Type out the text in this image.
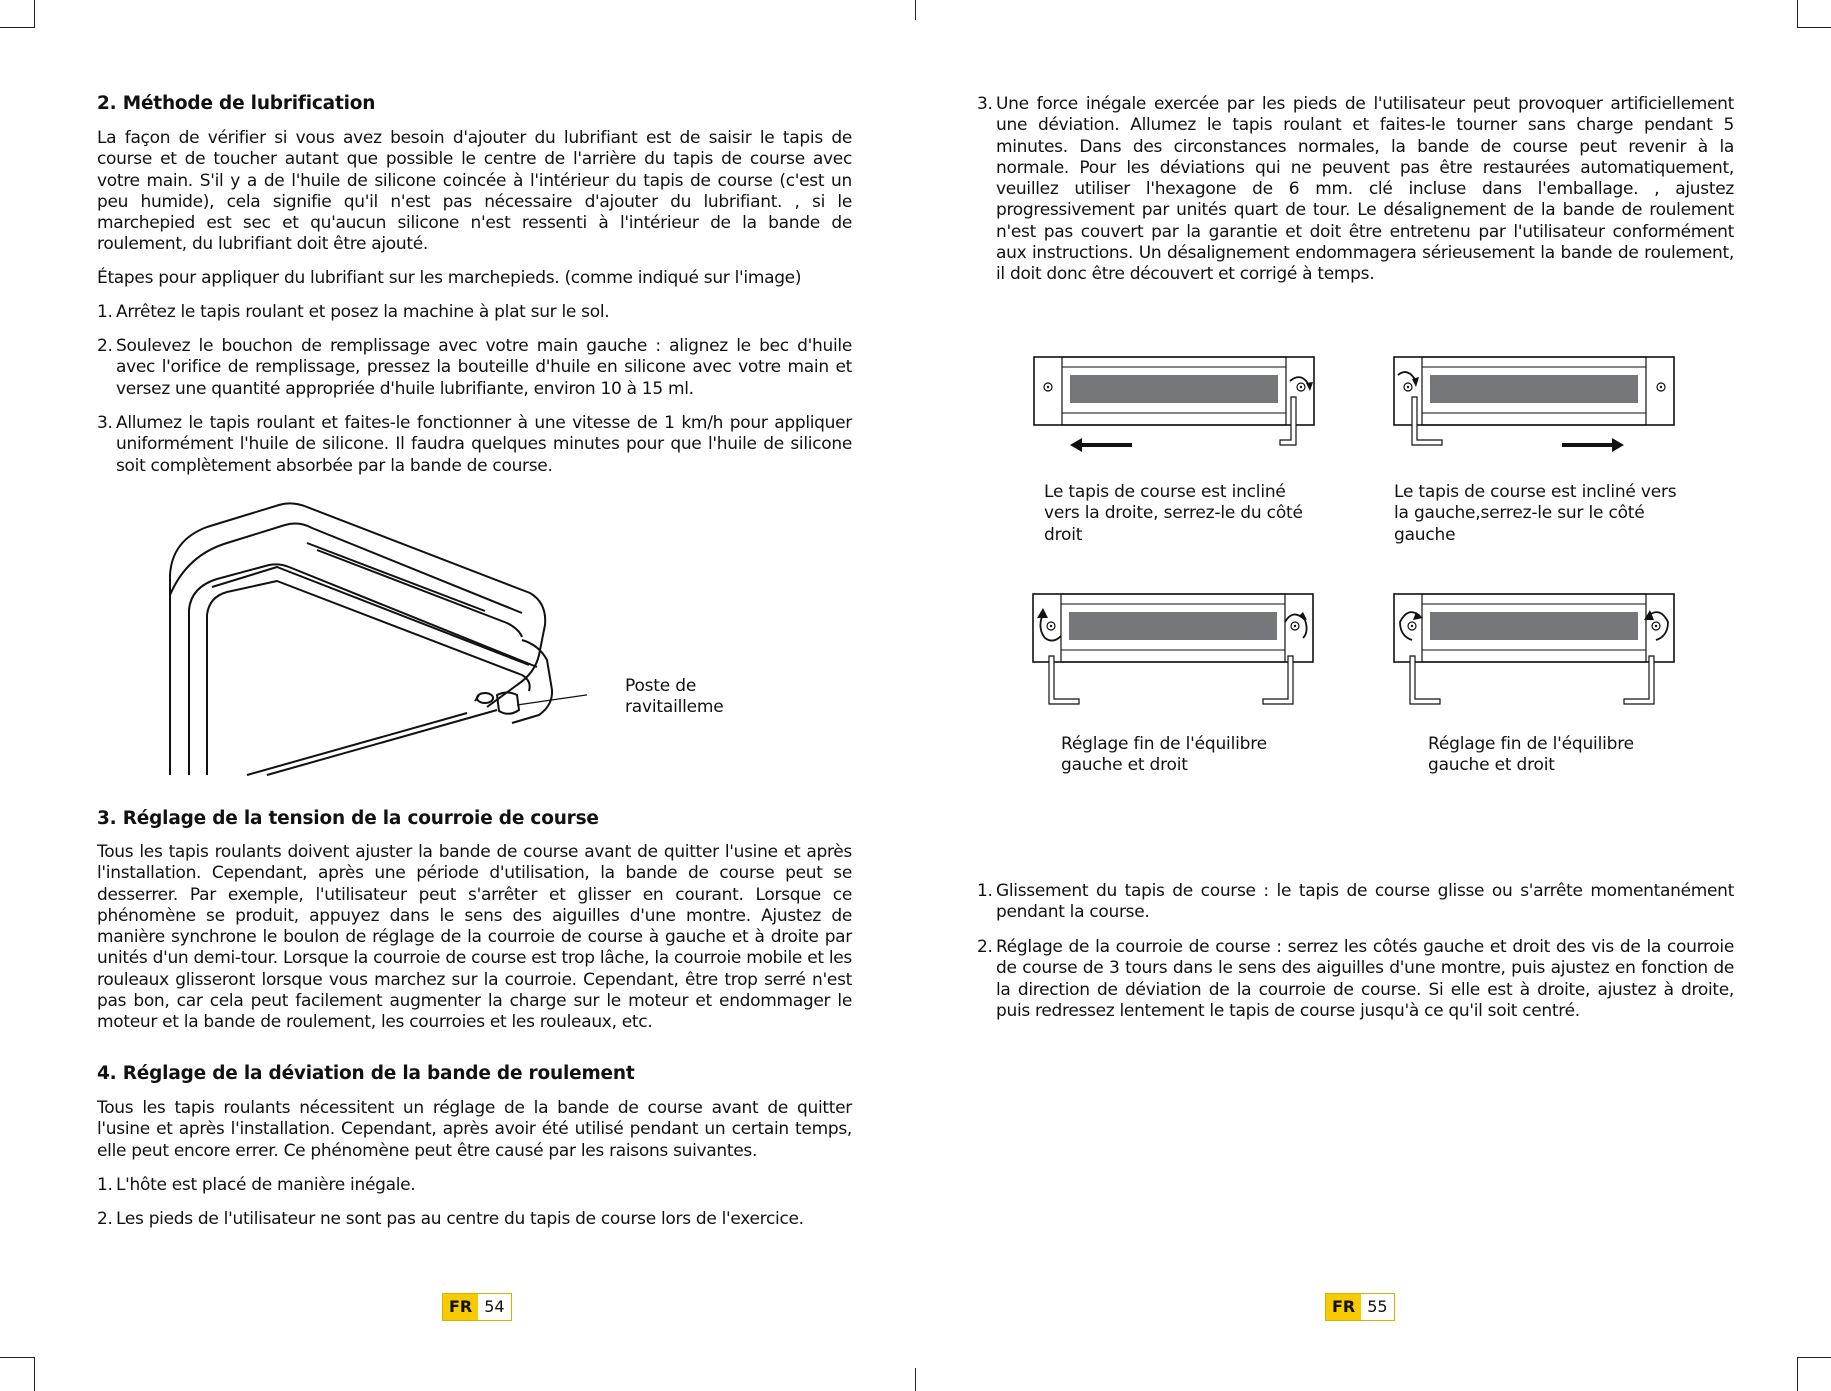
2. Méthode de lubrification

La façon de vérifier si vous avez besoin d'ajouter du lubrifiant est de saisir le tapis de course et de toucher autant que possible le centre de l'arrière du tapis de course avec votre main. S'il y a de l'huile de silicone coincée à l'intérieur du tapis de course (c'est un peu humide), cela signifie qu'il n'est pas nécessaire d'ajouter du lubrifiant. , si le marchepied est sec et qu'aucun silicone n'est ressenti à l'intérieur de la bande de roulement, du lubrifiant doit être ajouté.

Étapes pour appliquer du lubrifiant sur les marchepieds. (comme indiqué sur l'image)

1. Arrêtez le tapis roulant et posez la machine à plat sur le sol.
2. Soulevez le bouchon de remplissage avec votre main gauche : alignez le bec d'huile avec l'orifice de remplissage, pressez la bouteille d'huile en silicone avec votre main et versez une quantité appropriée d'huile lubrifiante, environ 10 à 15 ml.
3. Allumez le tapis roulant et faites-le fonctionner à une vitesse de 1 km/h pour appliquer uniformément l'huile de silicone. Il faudra quelques minutes pour que l'huile de silicone soit complètement absorbée par la bande de course.
Poste de
ravitailleme
3. Réglage de la tension de la courroie de course

Tous les tapis roulants doivent ajuster la bande de course avant de quitter l'usine et après l'installation. Cependant, après une période d'utilisation, la bande de course peut se desserrer. Par exemple, l'utilisateur peut s'arrêter et glisser en courant. Lorsque ce phénomène se produit, appuyez dans le sens des aiguilles d'une montre. Ajustez de manière synchrone le boulon de réglage de la courroie de course à gauche et à droite par unités d'un demi-tour. Lorsque la courroie de course est trop lâche, la courroie mobile et les rouleaux glisseront lorsque vous marchez sur la courroie. Cependant, être trop serré n'est pas bon, car cela peut facilement augmenter la charge sur le moteur et endommager le moteur et la bande de roulement, les courroies et les rouleaux, etc.

4. Réglage de la déviation de la bande de roulement

Tous les tapis roulants nécessitent un réglage de la bande de course avant de quitter l'usine et après l'installation. Cependant, après avoir été utilisé pendant un certain temps, elle peut encore errer. Ce phénomène peut être causé par les raisons suivantes.

1. L'hôte est placé de manière inégale.
2. Les pieds de l'utilisateur ne sont pas au centre du tapis de course lors de l'exercice.
FR 54
3. Une force inégale exercée par les pieds de l'utilisateur peut provoquer artificiellement une déviation. Allumez le tapis roulant et faites-le tourner sans charge pendant 5 minutes. Dans des circonstances normales, la bande de course peut revenir à la normale. Pour les déviations qui ne peuvent pas être restaurées automatiquement, veuillez utiliser l'hexagone de 6 mm. clé incluse dans l'emballage. , ajustez progressivement par unités quart de tour. Le désalignement de la bande de roulement n'est pas couvert par la garantie et doit être entretenu par l'utilisateur conformément aux instructions. Un désalignement endommagera sérieusement la bande de roulement, il doit donc être découvert et corrigé à temps.
Le tapis de course est incliné
vers la droite, serrez-le du côté
droit
Le tapis de course est incliné vers
la gauche,serrez-le sur le côté
gauche
Réglage fin de l'équilibre
gauche et droit
Réglage fin de l'équilibre
gauche et droit
1. Glissement du tapis de course : le tapis de course glisse ou s'arrête momentanément pendant la course.
2. Réglage de la courroie de course : serrez les côtés gauche et droit des vis de la courroie de course de 3 tours dans le sens des aiguilles d'une montre, puis ajustez en fonction de la direction de déviation de la courroie de course. Si elle est à droite, ajustez à droite, puis redressez lentement le tapis de course jusqu'à ce qu'il soit centré.
FR 55
